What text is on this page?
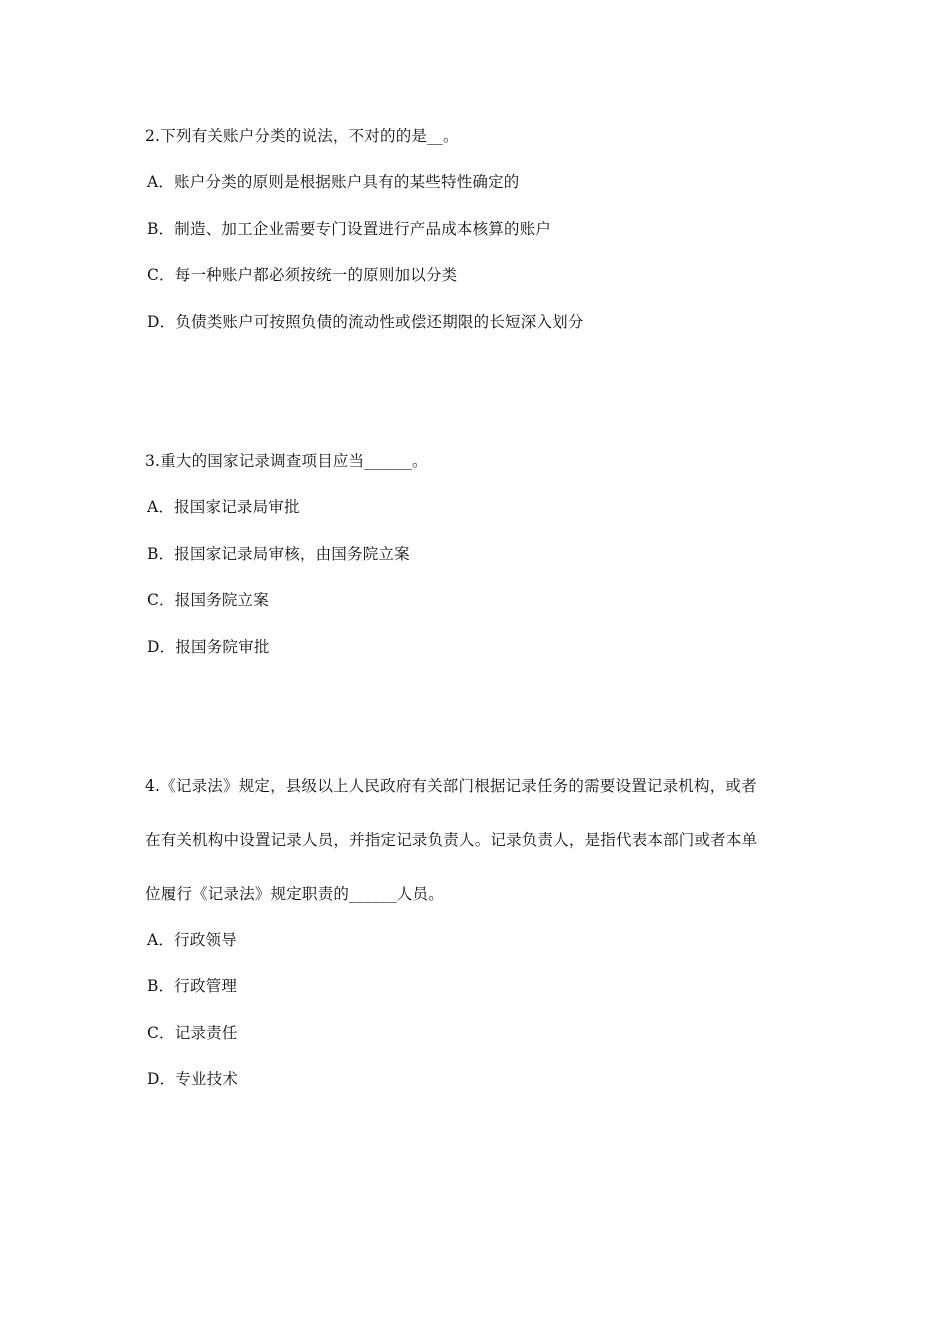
2.下列有关账户分类的说法，不对的的是__。
A．账户分类的原则是根据账户具有的某些特性确定的
B．制造、加工企业需要专门设置进行产品成本核算的账户
C．每一种账户都必须按统一的原则加以分类
D．负债类账户可按照负债的流动性或偿还期限的长短深入划分
3.重大的国家记录调查项目应当______。
A．报国家记录局审批
B．报国家记录局审核，由国务院立案
C．报国务院立案
D．报国务院审批
4.《记录法》规定，县级以上人民政府有关部门根据记录任务的需要设置记录机构，或者
在有关机构中设置记录人员，并指定记录负责人。记录负责人，是指代表本部门或者本单
位履行《记录法》规定职责的______人员。
A．行政领导
B．行政管理
C．记录责任
D．专业技术
